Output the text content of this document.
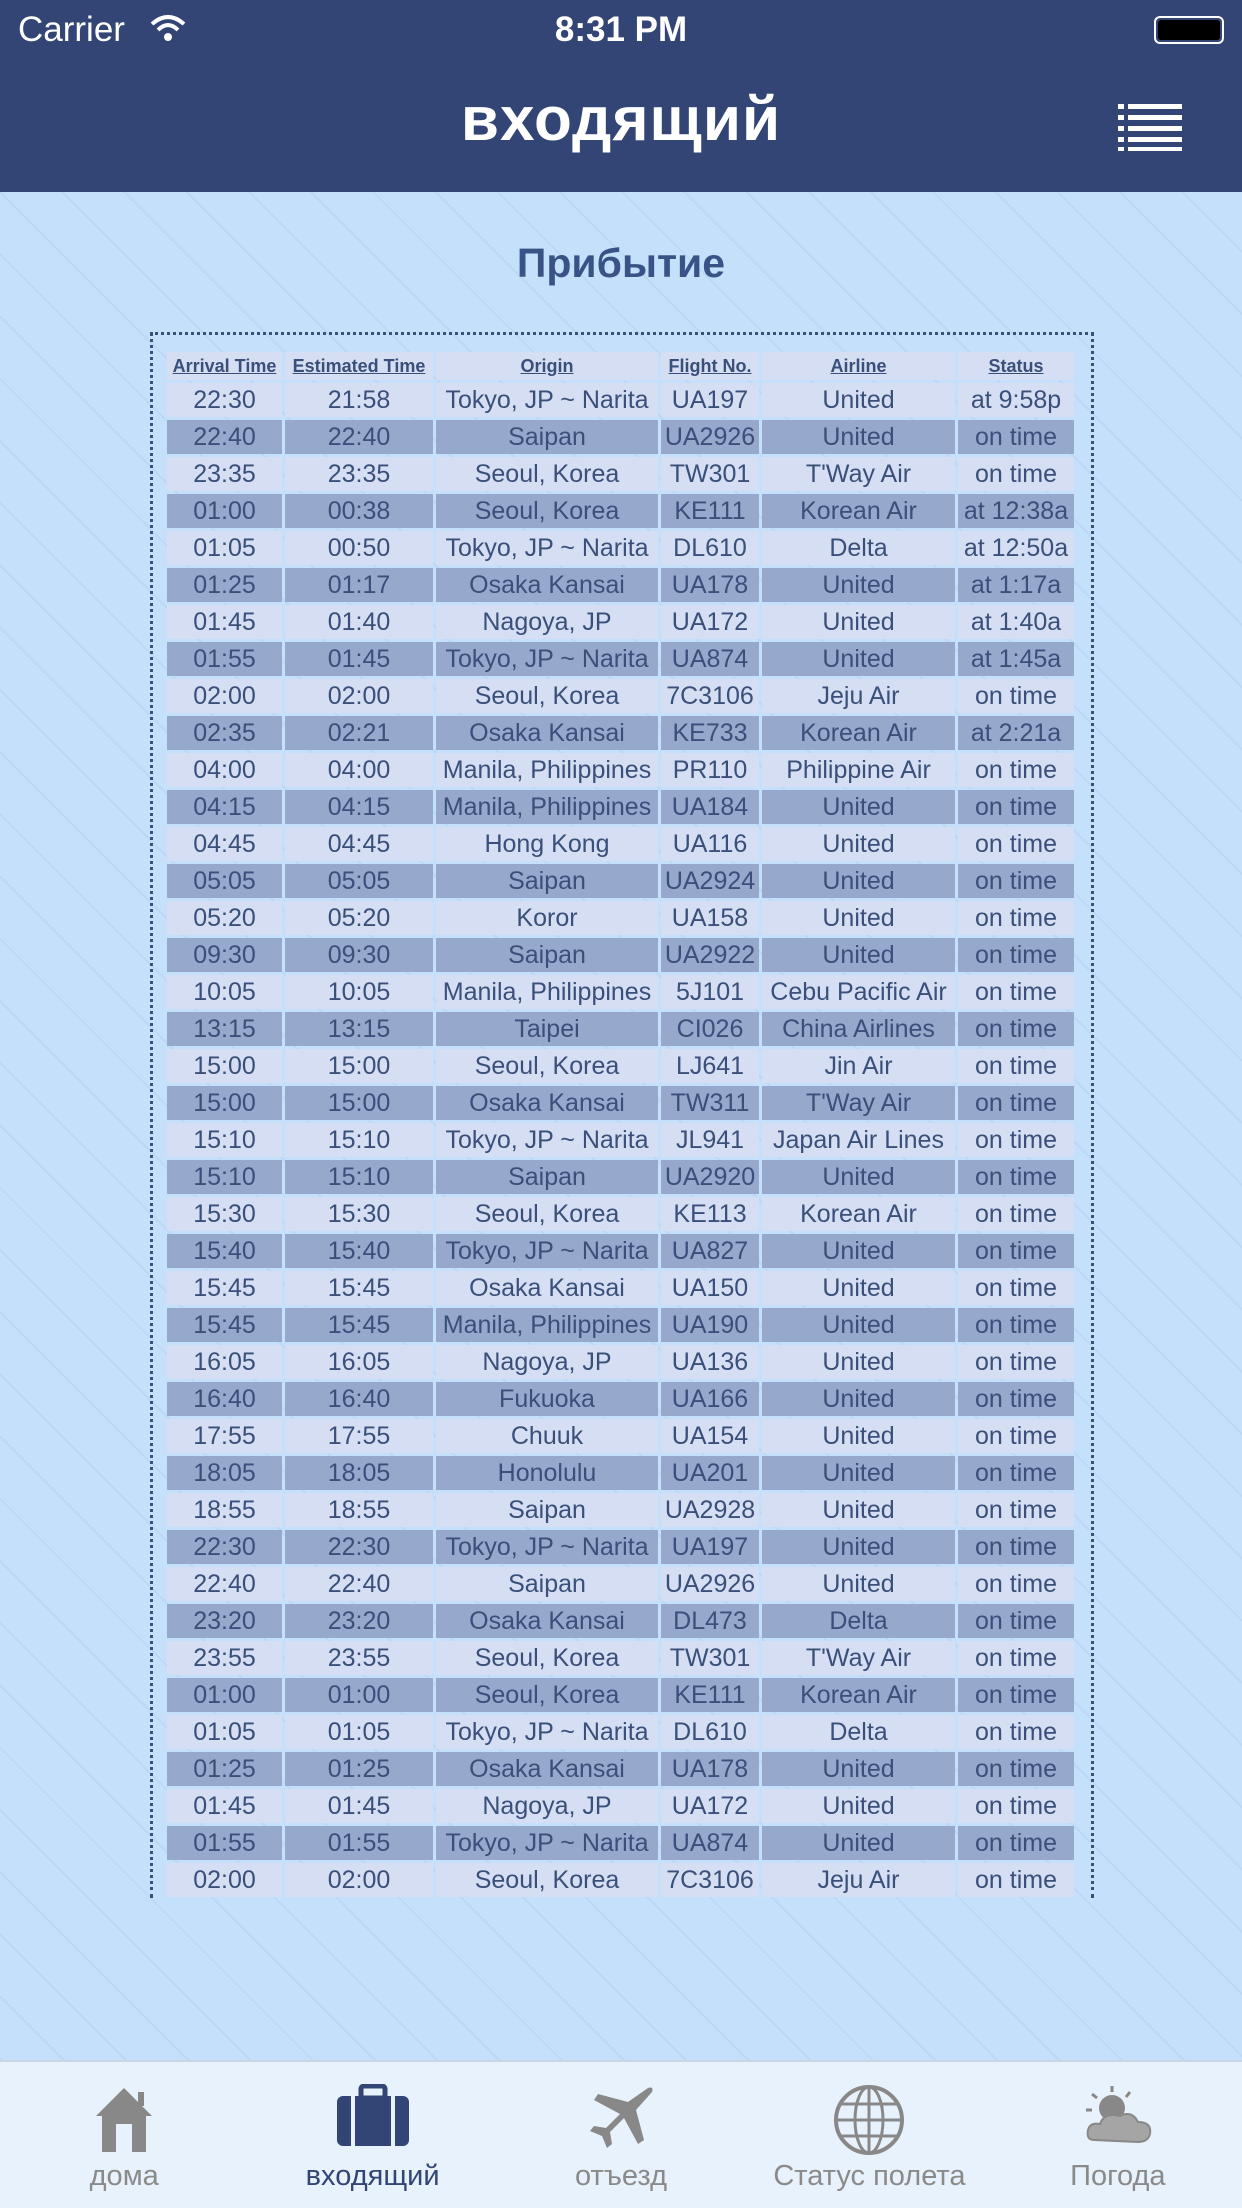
Carrier	8:31 PM
входящий
Прибытие
Arrival Time	Estimated Time	Origin	Flight No.	Airline	Status
22:30	21:58	Tokyo, JP ~ Narita	UA197	United	at 9:58p
22:40	22:40	Saipan	UA2926	United	on time
23:35	23:35	Seoul, Korea	TW301	T'Way Air	on time
01:00	00:38	Seoul, Korea	KE111	Korean Air	at 12:38a
01:05	00:50	Tokyo, JP ~ Narita	DL610	Delta	at 12:50a
01:25	01:17	Osaka Kansai	UA178	United	at 1:17a
01:45	01:40	Nagoya, JP	UA172	United	at 1:40a
01:55	01:45	Tokyo, JP ~ Narita	UA874	United	at 1:45a
02:00	02:00	Seoul, Korea	7C3106	Jeju Air	on time
02:35	02:21	Osaka Kansai	KE733	Korean Air	at 2:21a
04:00	04:00	Manila, Philippines	PR110	Philippine Air	on time
04:15	04:15	Manila, Philippines	UA184	United	on time
04:45	04:45	Hong Kong	UA116	United	on time
05:05	05:05	Saipan	UA2924	United	on time
05:20	05:20	Koror	UA158	United	on time
09:30	09:30	Saipan	UA2922	United	on time
10:05	10:05	Manila, Philippines	5J101	Cebu Pacific Air	on time
13:15	13:15	Taipei	CI026	China Airlines	on time
15:00	15:00	Seoul, Korea	LJ641	Jin Air	on time
15:00	15:00	Osaka Kansai	TW311	T'Way Air	on time
15:10	15:10	Tokyo, JP ~ Narita	JL941	Japan Air Lines	on time
15:10	15:10	Saipan	UA2920	United	on time
15:30	15:30	Seoul, Korea	KE113	Korean Air	on time
15:40	15:40	Tokyo, JP ~ Narita	UA827	United	on time
15:45	15:45	Osaka Kansai	UA150	United	on time
15:45	15:45	Manila, Philippines	UA190	United	on time
16:05	16:05	Nagoya, JP	UA136	United	on time
16:40	16:40	Fukuoka	UA166	United	on time
17:55	17:55	Chuuk	UA154	United	on time
18:05	18:05	Honolulu	UA201	United	on time
18:55	18:55	Saipan	UA2928	United	on time
22:30	22:30	Tokyo, JP ~ Narita	UA197	United	on time
22:40	22:40	Saipan	UA2926	United	on time
23:20	23:20	Osaka Kansai	DL473	Delta	on time
23:55	23:55	Seoul, Korea	TW301	T'Way Air	on time
01:00	01:00	Seoul, Korea	KE111	Korean Air	on time
01:05	01:05	Tokyo, JP ~ Narita	DL610	Delta	on time
01:25	01:25	Osaka Kansai	UA178	United	on time
01:45	01:45	Nagoya, JP	UA172	United	on time
01:55	01:55	Tokyo, JP ~ Narita	UA874	United	on time
02:00	02:00	Seoul, Korea	7C3106	Jeju Air	on time
дома	входящий	отъезд	Статус полета	Погода
